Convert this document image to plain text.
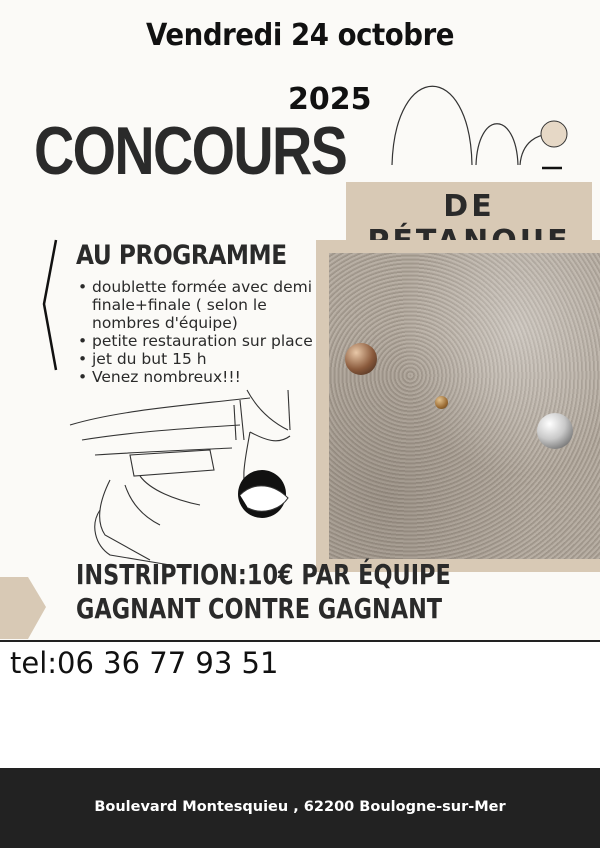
Vendredi 24 octobre
2025
CONCOURS
DE
AU PROGRAMME
• doublette formée avec demi finale+finale ( selon le nombres d'équipe)
• petite restauration sur place
• jet du but 15 h
• Venez nombreux!!!
INSTRIPTION:10€ PAR ÉQUIPE
GAGNANT CONTRE GAGNANT
tel:06 36 77 93 51
Boulevard Montesquieu , 62200 Boulogne-sur-Mer
